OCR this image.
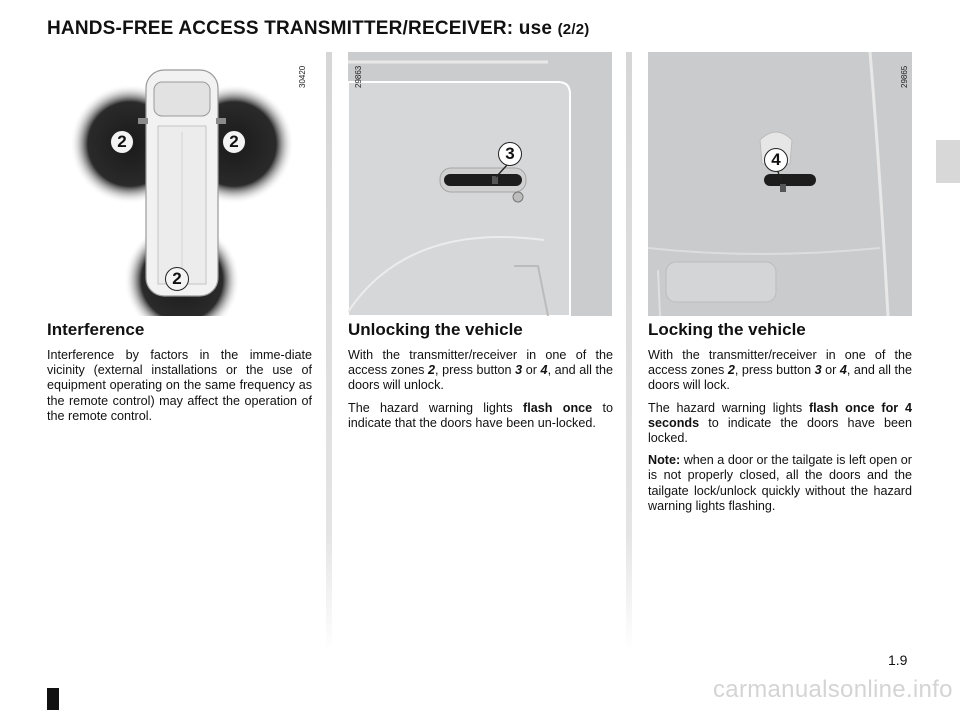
HANDS-FREE ACCESS TRANSMITTER/RECEIVER: use (2/2)
2	2
2
30420
3
29863
4
29865
Interference

Interference by factors in the imme-diate vicinity (external installations or the use of equipment operating on the same frequency as the remote control) may affect the operation of the remote control.

Unlocking the vehicle

With the transmitter/receiver in one of the access zones 2, press button 3 or 4, and all the doors will unlock.

The hazard warning lights flash once to indicate that the doors have been un-locked.

Locking the vehicle

With the transmitter/receiver in one of the access zones 2, press button 3 or 4, and all the doors will lock.

The hazard warning lights flash once for 4 seconds to indicate the doors have been locked.

Note: when a door or the tailgate is left open or is not properly closed, all the doors and the tailgate lock/unlock quickly without the hazard warning lights flashing.

1.9
carmanualsonline.info
